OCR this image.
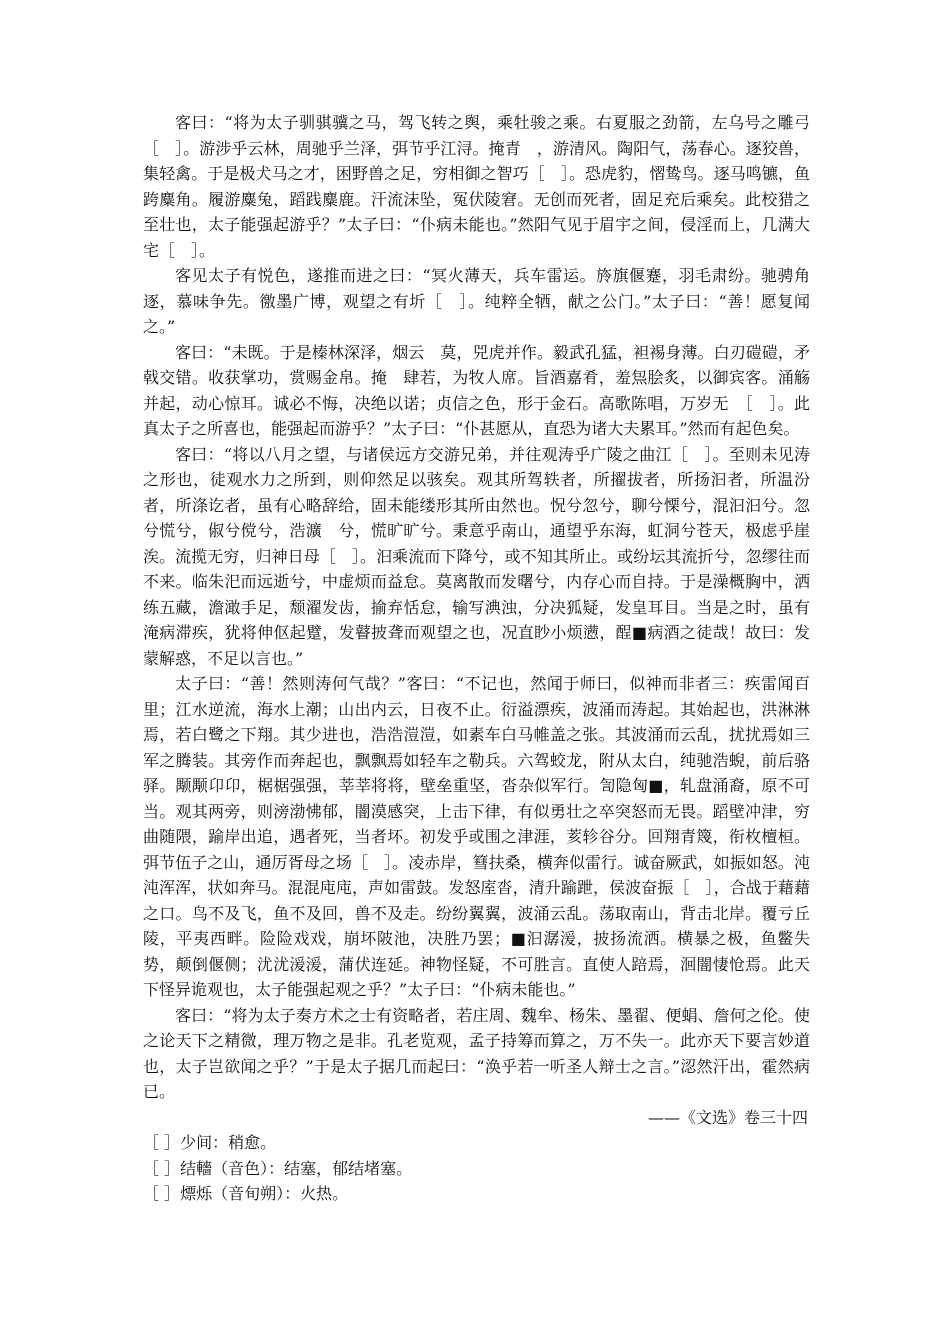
客曰：“将为太子驯骐骥之马，驾飞转之舆，乘牡骏之乘。右夏服之劲箭，左乌号之雕弓［　］。游涉乎云林，周驰乎兰泽，弭节乎江浔。掩青　，游清风。陶阳气，荡春心。逐狡兽，集轻禽。于是极犬马之才，困野兽之足，穷相御之智巧［　］。恐虎豹，慴鸷鸟。逐马鸣镳，鱼跨麋角。履游麋兔，蹈践麋鹿。汗流沫坠，冤伏陵窘。无创而死者，固足充后乘矣。此校猎之至壮也，太子能强起游乎？”太子曰：“仆病未能也。”然阳气见于眉宇之间，侵淫而上，几满大宅［　］。

客见太子有悦色，遂推而进之曰：“冥火薄天，兵车雷运。旍旗偃蹇，羽毛肃纷。驰骋角逐，慕味争先。徼墨广博，观望之有圻［　］。纯粹全牺，献之公门。”太子曰：“善！愿复闻之。”

客曰：“未既。于是榛林深泽，烟云　莫，兕虎并作。毅武孔猛，袒裼身薄。白刃磑磑，矛戟交错。收获掌功，赏赐金帛。掩　肆若，为牧人席。旨酒嘉肴，羞炰脍炙，以御宾客。涌觞并起，动心惊耳。诚必不悔，决绝以诺；贞信之色，形于金石。高歌陈唱，万岁无　［　］。此真太子之所喜也，能强起而游乎？”太子曰：“仆甚愿从，直恐为诸大夫累耳。”然而有起色矣。

客曰：“将以八月之望，与诸侯远方交游兄弟，并往观涛乎广陵之曲江［　］。至则未见涛之形也，徒观水力之所到，则仰然足以骇矣。观其所驾轶者，所擢拔者，所扬汩者，所温汾者，所涤讫者，虽有心略辞给，固未能缕形其所由然也。怳兮忽兮，聊兮慄兮，混汩汩兮。忽兮慌兮，俶兮傥兮，浩瀇　兮，慌旷旷兮。秉意乎南山，通望乎东海，虹洞兮苍天，极虑乎崖涘。流揽无穷，归神日母［　］。汩乘流而下降兮，或不知其所止。或纷坛其流折兮，忽缪往而不来。临朱汜而远逝兮，中虚烦而益怠。莫离散而发曙兮，内存心而自持。于是澡概胸中，洒练五藏，澹澉手足，颓濯发齿，揄弃恬怠，输写淟浊，分决狐疑，发皇耳目。当是之时，虽有淹病滞疾，犹将伸伛起躄，发瞽披聋而观望之也，况直眇小烦懑，酲■病酒之徒哉！故曰：发蒙解惑，不足以言也。”

太子曰：“善！然则涛何气哉？”客曰：“不记也，然闻于师曰，似神而非者三：疾雷闻百里；江水逆流，海水上潮；山出内云，日夜不止。衍溢漂疾，波涌而涛起。其始起也，洪淋淋焉，若白鹭之下翔。其少进也，浩浩溰溰，如素车白马帷盖之张。其波涌而云乱，扰扰焉如三军之腾装。其旁作而奔起也，飘飘焉如轻车之勒兵。六驾蛟龙，附从太白，纯驰浩蜺，前后骆驿。颙颙卬卬，椐椐强强，莘莘将将，壁垒重坚，沓杂似军行。訇隐匈■，轧盘涌裔，原不可当。观其两旁，则滂渤怫郁，闇漠感突，上击下律，有似勇壮之卒突怒而无畏。蹈壁冲津，穷曲随隈，踰岸出追，遇者死，当者坏。初发乎或围之津涯，荄轸谷分。回翔青篾，衔枚檀桓。弭节伍子之山，通厉胥母之场［　］。凌赤岸，篲扶桑，横奔似雷行。诚奋厥武，如振如怒。沌沌浑浑，状如奔马。混混庉庉，声如雷鼓。发怒庢沓，清升踰跇，侯波奋振［　］，合战于藉藉之口。鸟不及飞，鱼不及回，兽不及走。纷纷翼翼，波涌云乱。荡取南山，背击北岸。覆亏丘陵，平夷西畔。险险戏戏，崩坏陂池，决胜乃罢；■汩潺湲，披扬流洒。横暴之极，鱼鳖失势，颠倒偃侧；沋沋湲湲，蒲伏连延。神物怪疑，不可胜言。直使人踣焉，洄闇悽怆焉。此天下怪异诡观也，太子能强起观之乎？”太子曰：“仆病未能也。”

客曰：“将为太子奏方术之士有资略者，若庄周、魏牟、杨朱、墨翟、便蜎、詹何之伦。使之论天下之精微，理万物之是非。孔老览观，孟子持筹而算之，万不失一。此亦天下要言妙道也，太子岂欲闻之乎？”于是太子据几而起曰：“涣乎若一听圣人辩士之言。”涊然汗出，霍然病已。

——《文选》卷三十四

［ ］少间：稍愈。

［ ］结轖（音色）：结塞，郁结堵塞。

［ ］熛烁（音旬朔）：火热。
